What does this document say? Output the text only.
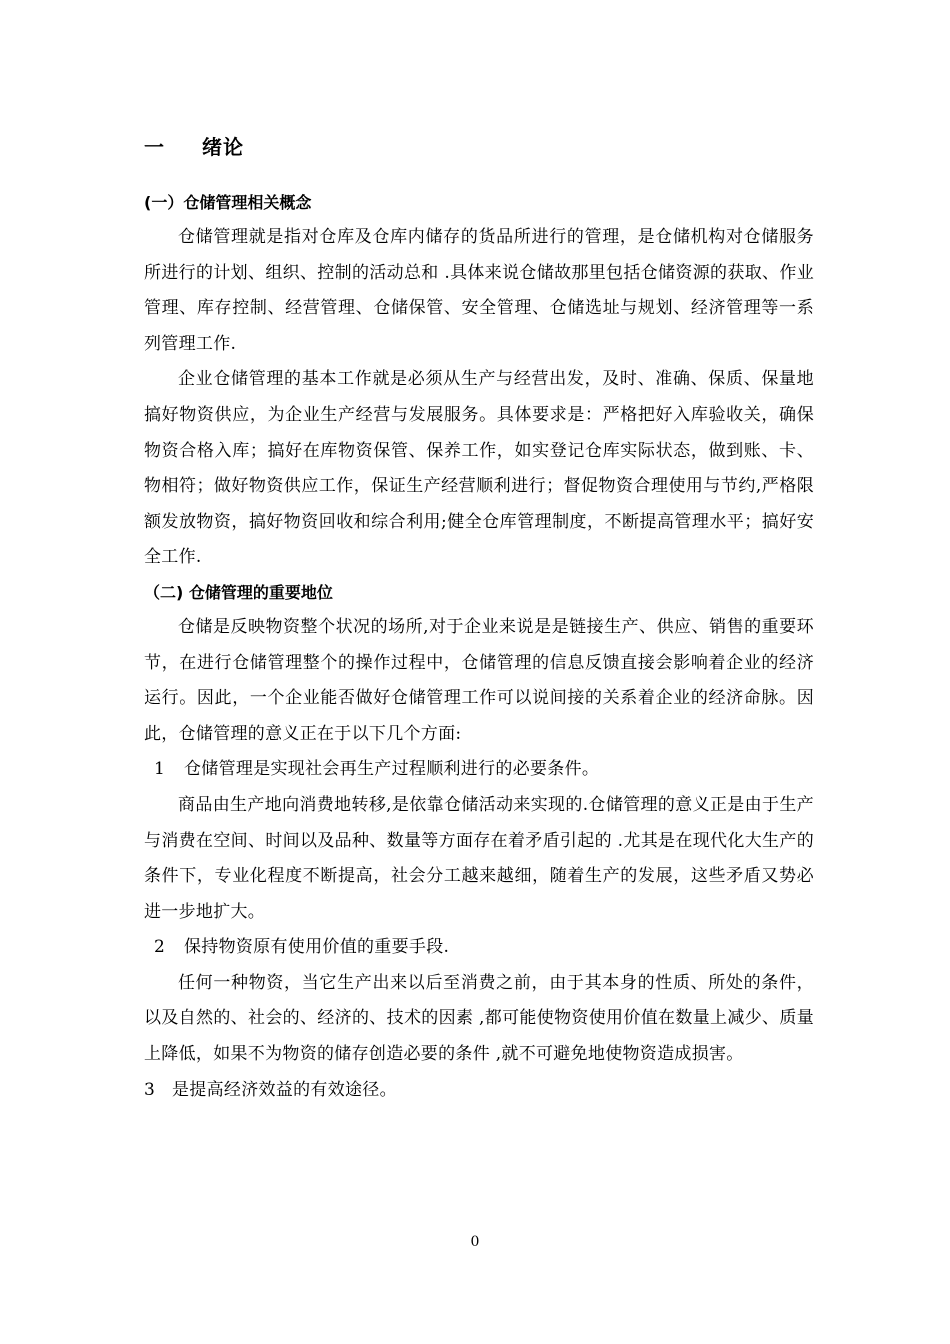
一 绪论
(一）仓储管理相关概念

仓储管理就是指对仓库及仓库内储存的货品所进行的管理，是仓储机构对仓储服务所进行的计划、组织、控制的活动总和 .具体来说仓储故那里包括仓储资源的获取、作业管理、库存控制、经营管理、仓储保管、安全管理、仓储选址与规划、经济管理等一系列管理工作.

企业仓储管理的基本工作就是必须从生产与经营出发，及时、准确、保质、保量地搞好物资供应，为企业生产经营与发展服务。具体要求是：严格把好入库验收关，确保物资合格入库；搞好在库物资保管、保养工作，如实登记仓库实际状态，做到账、卡、物相符；做好物资供应工作，保证生产经营顺利进行；督促物资合理使用与节约,严格限额发放物资，搞好物资回收和综合利用;健全仓库管理制度，不断提高管理水平；搞好安全工作.

（二) 仓储管理的重要地位

仓储是反映物资整个状况的场所,对于企业来说是是链接生产、供应、销售的重要环节，在进行仓储管理整个的操作过程中，仓储管理的信息反馈直接会影响着企业的经济运行。因此，一个企业能否做好仓储管理工作可以说间接的关系着企业的经济命脉。因此，仓储管理的意义正在于以下几个方面:

1 仓储管理是实现社会再生产过程顺利进行的必要条件。

商品由生产地向消费地转移,是依靠仓储活动来实现的.仓储管理的意义正是由于生产与消费在空间、时间以及品种、数量等方面存在着矛盾引起的 .尤其是在现代化大生产的条件下，专业化程度不断提高，社会分工越来越细，随着生产的发展，这些矛盾又势必进一步地扩大。

2 保持物资原有使用价值的重要手段.

任何一种物资，当它生产出来以后至消费之前，由于其本身的性质、所处的条件，以及自然的、社会的、经济的、技术的因素 ,都可能使物资使用价值在数量上减少、质量上降低，如果不为物资的储存创造必要的条件 ,就不可避免地使物资造成损害。

3 是提高经济效益的有效途径。

0
